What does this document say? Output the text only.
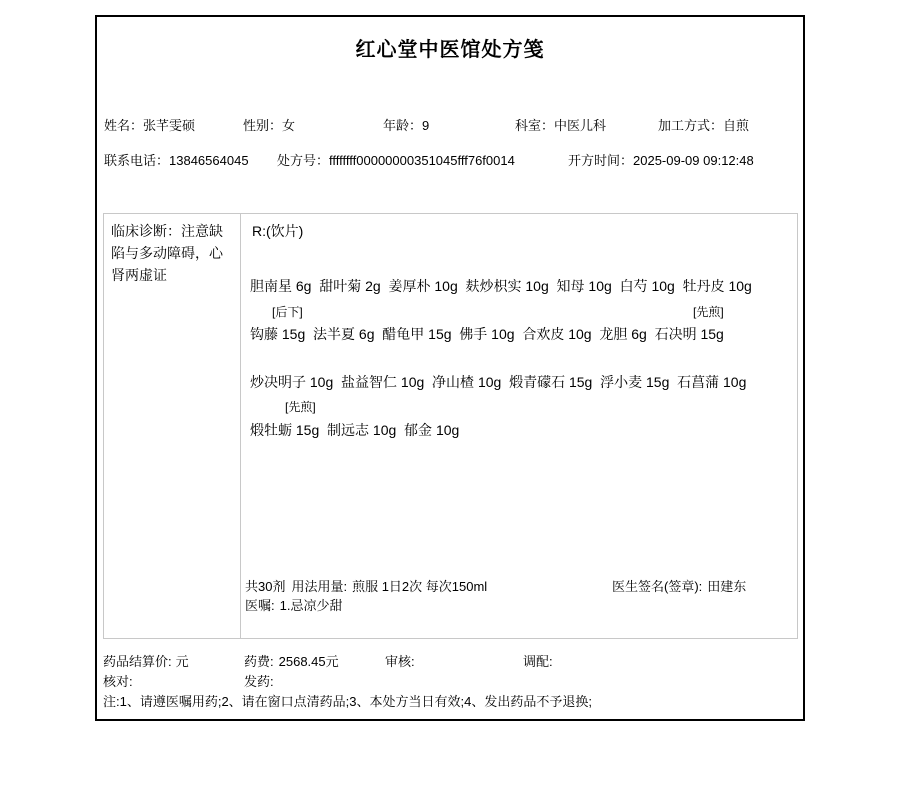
红心堂中医馆处方笺
姓名：张芊雯硕	性别：女	年龄：9	科室：中医儿科	加工方式：自煎
联系电话：13846564045 处方号：ffffffff00000000351045fff76f0014	开方时间：2025-09-09 09:12:48
临床诊断：注意缺陷与多动障碍，心肾两虚证
R:(饮片)
胆南星 6g  甜叶菊 2g  姜厚朴 10g  麸炒枳实 10g  知母 10g  白芍 10g  牡丹皮 10g
[后下]	[先煎]
钩藤 15g  法半夏 6g  醋龟甲 15g  佛手 10g  合欢皮 10g  龙胆 6g  石决明 15g
炒决明子 10g  盐益智仁 10g  净山楂 10g  煅青礞石 15g  浮小麦 15g  石菖蒲 10g
[先煎]
煅牡蛎 15g  制远志 10g  郁金 10g
共30剂 用法用量: 煎服 1日2次 每次150ml
医嘱: 1.忌凉少甜
医生签名(签章): 田建东
药品结算价: 元	药费: 2568.45元	审核:	调配:
核对:	发药:
注:1、请遵医嘱用药;2、请在窗口点清药品;3、本处方当日有效;4、发出药品不予退换;
